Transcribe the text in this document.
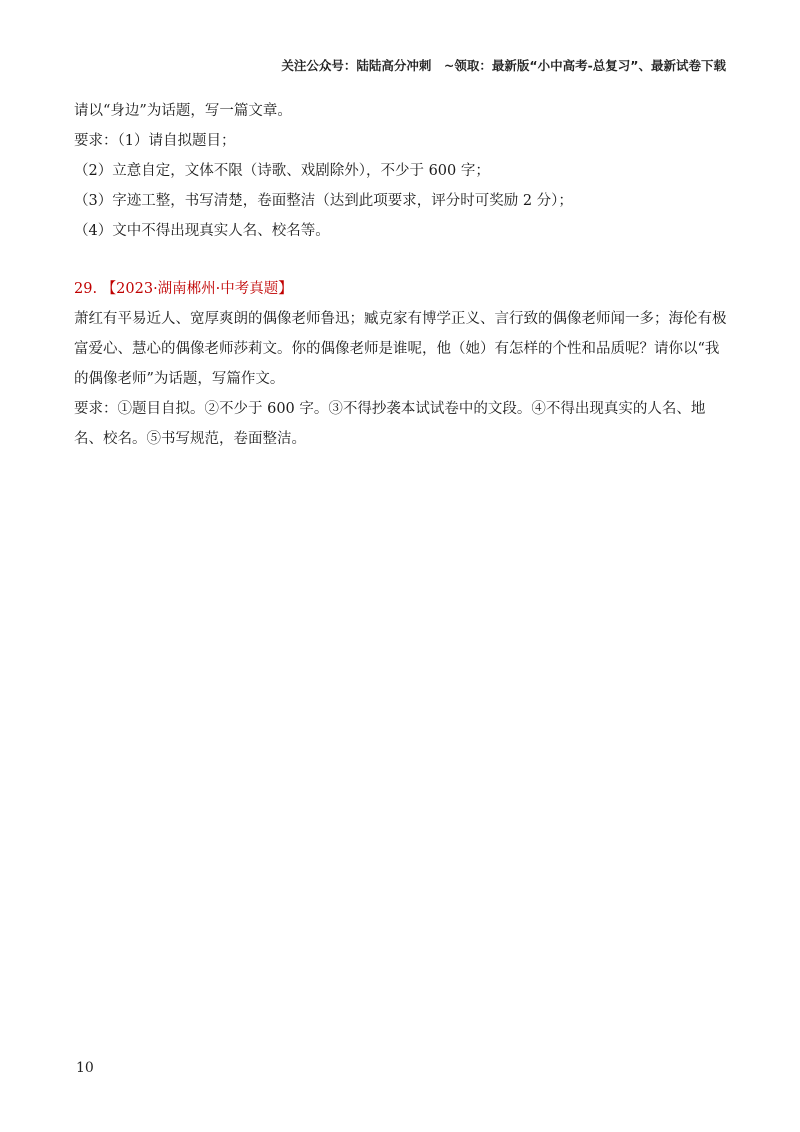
关注公众号：陆陆高分冲刺　~领取：最新版“小中高考-总复习”、最新试卷下载
请以“身边”为话题，写一篇文章。
要求：（1）请自拟题目；
（2）立意自定，文体不限（诗歌、戏剧除外），不少于 600 字；
（3）字迹工整，书写清楚，卷面整洁（达到此项要求，评分时可奖励 2 分）；
（4）文中不得出现真实人名、校名等。
29. 【2023·湖南郴州·中考真题】
萧红有平易近人、宽厚爽朗的偶像老师鲁迅；臧克家有博学正义、言行致的偶像老师闻一多；海伦有极富爱心、慧心的偶像老师莎莉文。你的偶像老师是谁呢，他（她）有怎样的个性和品质呢？请你以“我的偶像老师”为话题，写篇作文。
要求：①题目自拟。②不少于 600 字。③不得抄袭本试试卷中的文段。④不得出现真实的人名、地名、校名。⑤书写规范，卷面整洁。
10
